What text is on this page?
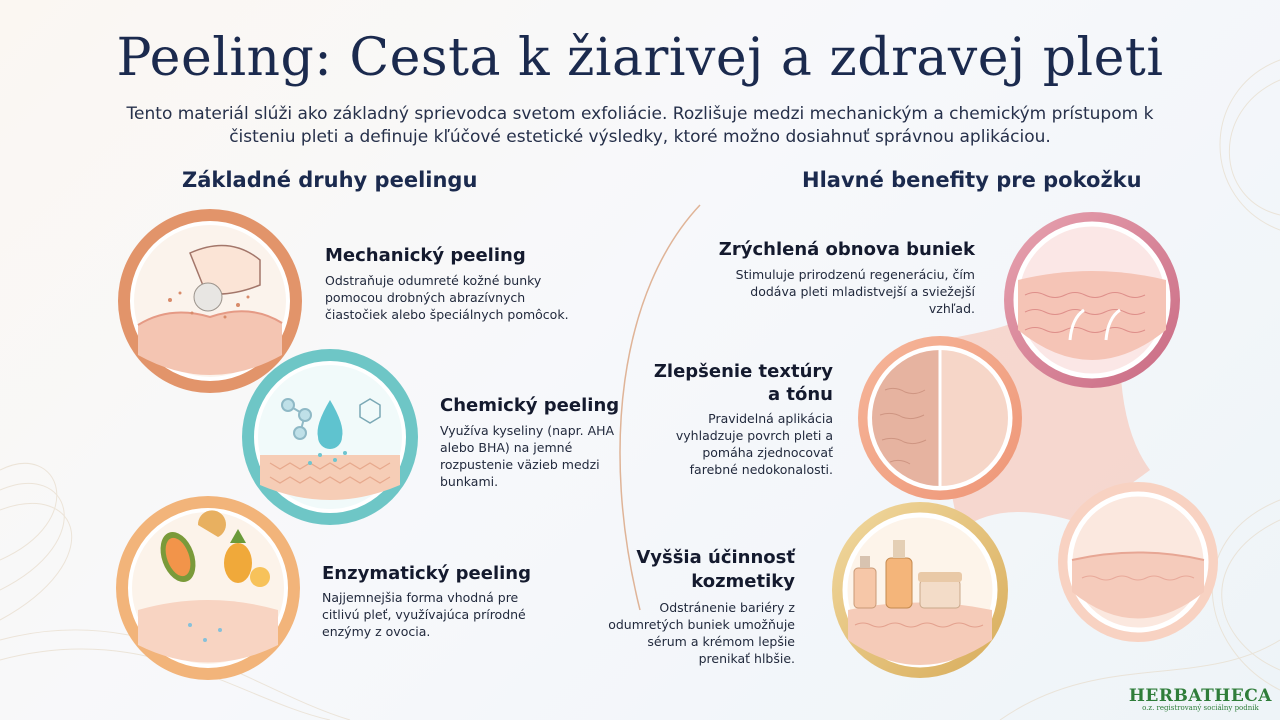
Peeling: Cesta k žiarivej a zdravej pleti
Tento materiál slúži ako základný sprievodca svetom exfoliácie. Rozlišuje medzi mechanickým a chemickým prístupom k čisteniu pleti a definuje kľúčové estetické výsledky, ktoré možno dosiahnuť správnou aplikáciou.
Základné druhy peelingu	Hlavné benefity pre pokožku
Mechanický peeling
Odstraňuje odumreté kožné bunky pomocou drobných abrazívnych čiastočiek alebo špeciálnych pomôcok.
Chemický peeling
Využíva kyseliny (napr. AHA alebo BHA) na jemné rozpustenie väzieb medzi bunkami.
Enzymatický peeling
Najjemnejšia forma vhodná pre citlivú pleť, využívajúca prírodné enzýmy z ovocia.
Zrýchlená obnova buniek
Stimuluje prirodzenú regeneráciu, čím dodáva pleti mladistvejší a sviežejší vzhľad.
Zlepšenie textúry
a tónu
Pravidelná aplikácia vyhladzuje povrch pleti a pomáha zjednocovať farebné nedokonalosti.
Vyššia účinnosť
kozmetiky
Odstránenie bariéry z odumretých buniek umožňuje sérum a krémom lepšie prenikať hlbšie.
HERBATHECA
o.z. registrovaný sociálny podnik
